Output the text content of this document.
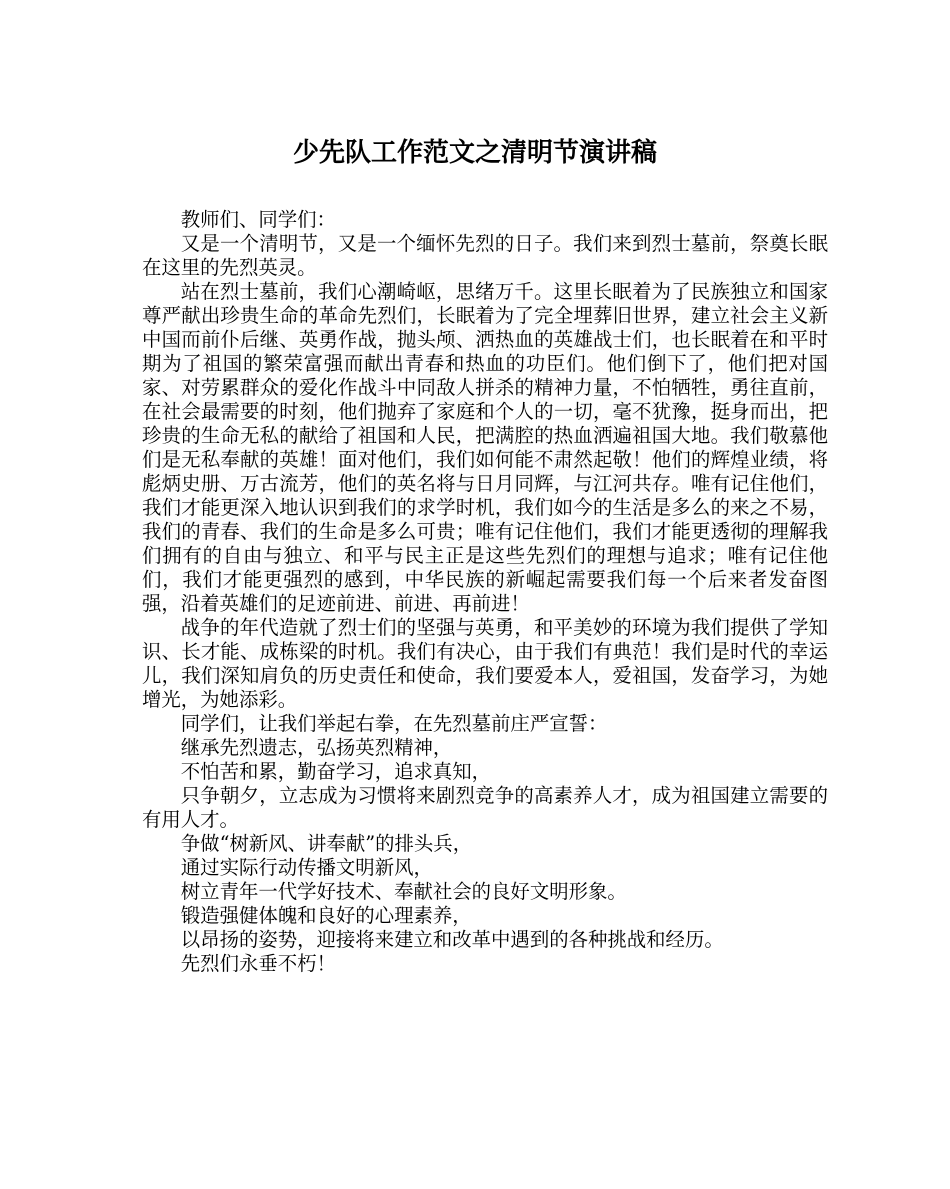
少先队工作范文之清明节演讲稿

教师们、同学们：

又是一个清明节，又是一个缅怀先烈的日子。我们来到烈士墓前，祭奠长眠在这里的先烈英灵。

站在烈士墓前，我们心潮崎岖，思绪万千。这里长眠着为了民族独立和国家尊严献出珍贵生命的革命先烈们，长眠着为了完全埋葬旧世界，建立社会主义新中国而前仆后继、英勇作战，抛头颅、洒热血的英雄战士们，也长眠着在和平时期为了祖国的繁荣富强而献出青春和热血的功臣们。他们倒下了，他们把对国家、对劳累群众的爱化作战斗中同敌人拼杀的精神力量，不怕牺牲，勇往直前，在社会最需要的时刻，他们抛弃了家庭和个人的一切，毫不犹豫，挺身而出，把珍贵的生命无私的献给了祖国和人民，把满腔的热血洒遍祖国大地。我们敬慕他们是无私奉献的英雄！面对他们，我们如何能不肃然起敬！他们的辉煌业绩，将彪炳史册、万古流芳，他们的英名将与日月同辉，与江河共存。唯有记住他们，我们才能更深入地认识到我们的求学时机，我们如今的生活是多么的来之不易，我们的青春、我们的生命是多么可贵；唯有记住他们，我们才能更透彻的理解我们拥有的自由与独立、和平与民主正是这些先烈们的理想与追求；唯有记住他们，我们才能更强烈的感到，中华民族的新崛起需要我们每一个后来者发奋图强，沿着英雄们的足迹前进、前进、再前进！

战争的年代造就了烈士们的坚强与英勇，和平美妙的环境为我们提供了学知识、长才能、成栋梁的时机。我们有决心，由于我们有典范！我们是时代的幸运儿，我们深知肩负的历史责任和使命，我们要爱本人，爱祖国，发奋学习，为她增光，为她添彩。

同学们，让我们举起右拳，在先烈墓前庄严宣誓：

继承先烈遗志，弘扬英烈精神，

不怕苦和累，勤奋学习，追求真知，

只争朝夕，立志成为习惯将来剧烈竞争的高素养人才，成为祖国建立需要的有用人才。

争做“树新风、讲奉献”的排头兵，

通过实际行动传播文明新风，

树立青年一代学好技术、奉献社会的良好文明形象。

锻造强健体魄和良好的心理素养，

以昂扬的姿势，迎接将来建立和改革中遇到的各种挑战和经历。

先烈们永垂不朽！
